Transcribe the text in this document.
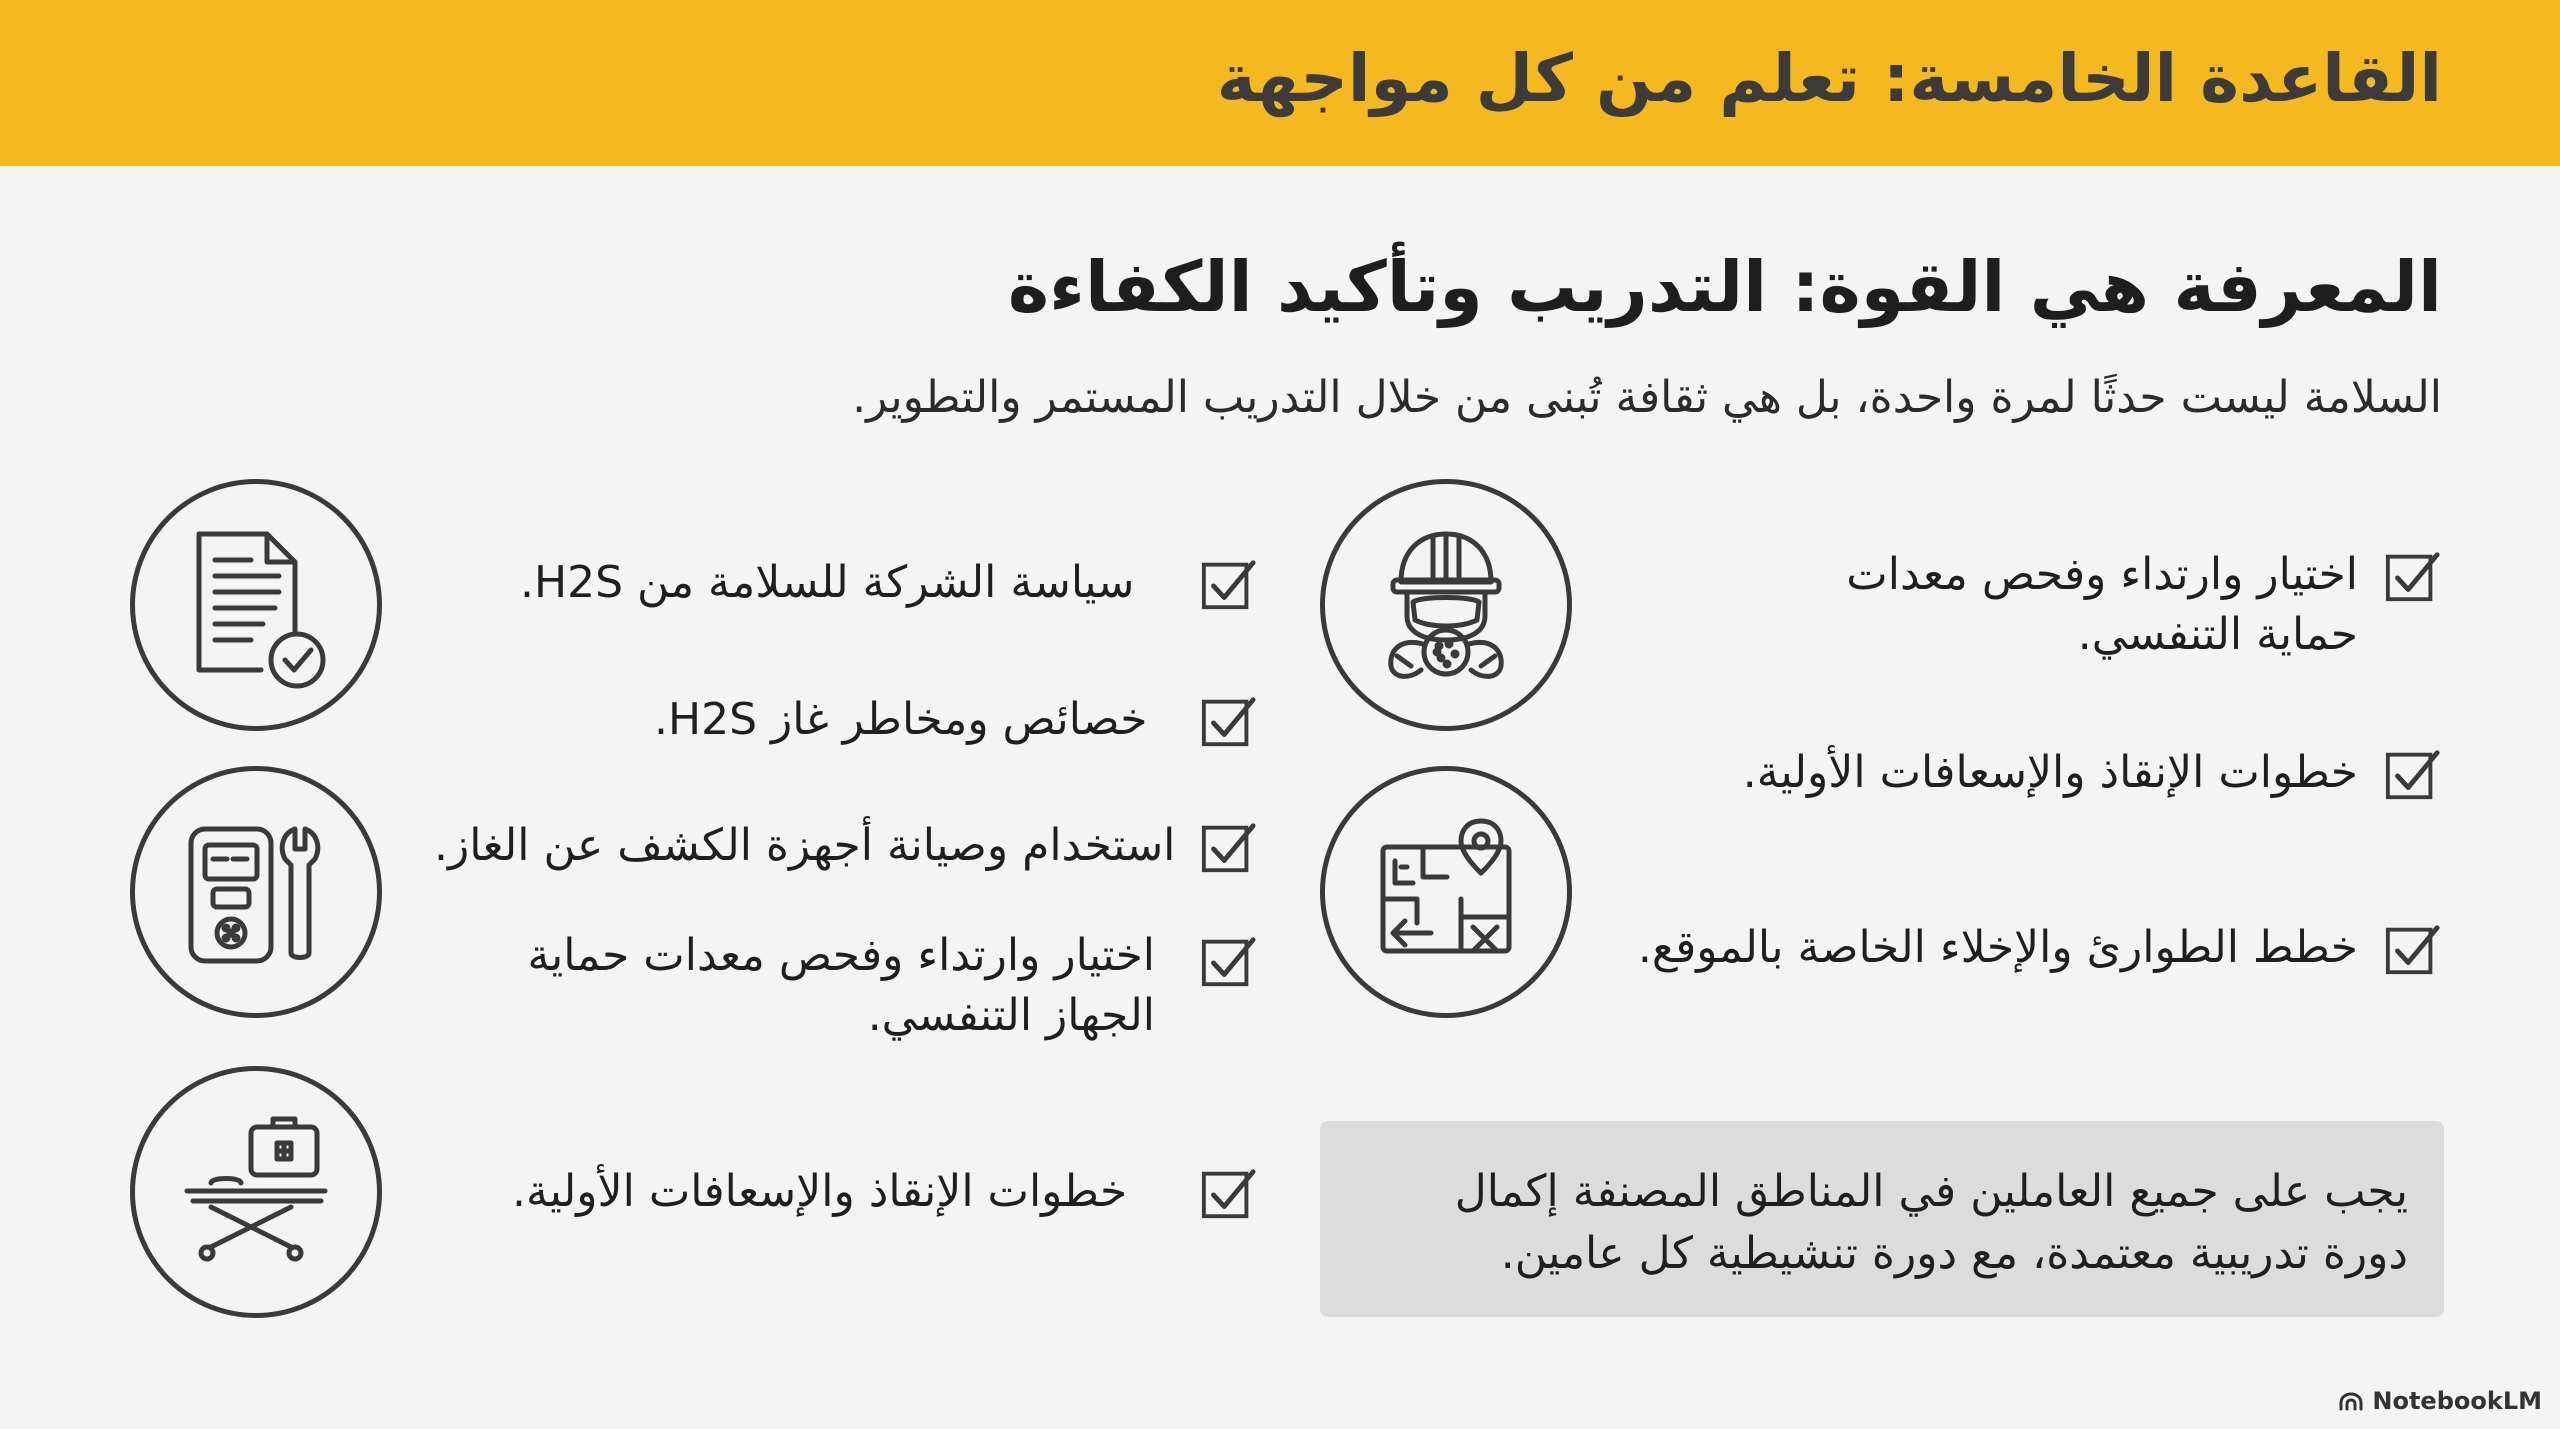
القاعدة الخامسة: تعلم من كل مواجهة
المعرفة هي القوة: التدريب وتأكيد الكفاءة
السلامة ليست حدثًا لمرة واحدة، بل هي ثقافة تُبنى من خلال التدريب المستمر والتطوير.
اختيار وارتداء وفحص معدات حماية التنفسي.
خطوات الإنقاذ والإسعافات الأولية.
خطط الطوارئ والإخلاء الخاصة بالموقع.
سياسة الشركة للسلامة من H2S.
خصائص ومخاطر غاز H2S.
استخدام وصيانة أجهزة الكشف عن الغاز.
اختيار وارتداء وفحص معدات حماية الجهاز التنفسي.
خطوات الإنقاذ والإسعافات الأولية.	يجب على جميع العاملين في المناطق المصنفة إكمال دورة تدريبية معتمدة، مع دورة تنشيطية كل عامين.
NotebookLM
